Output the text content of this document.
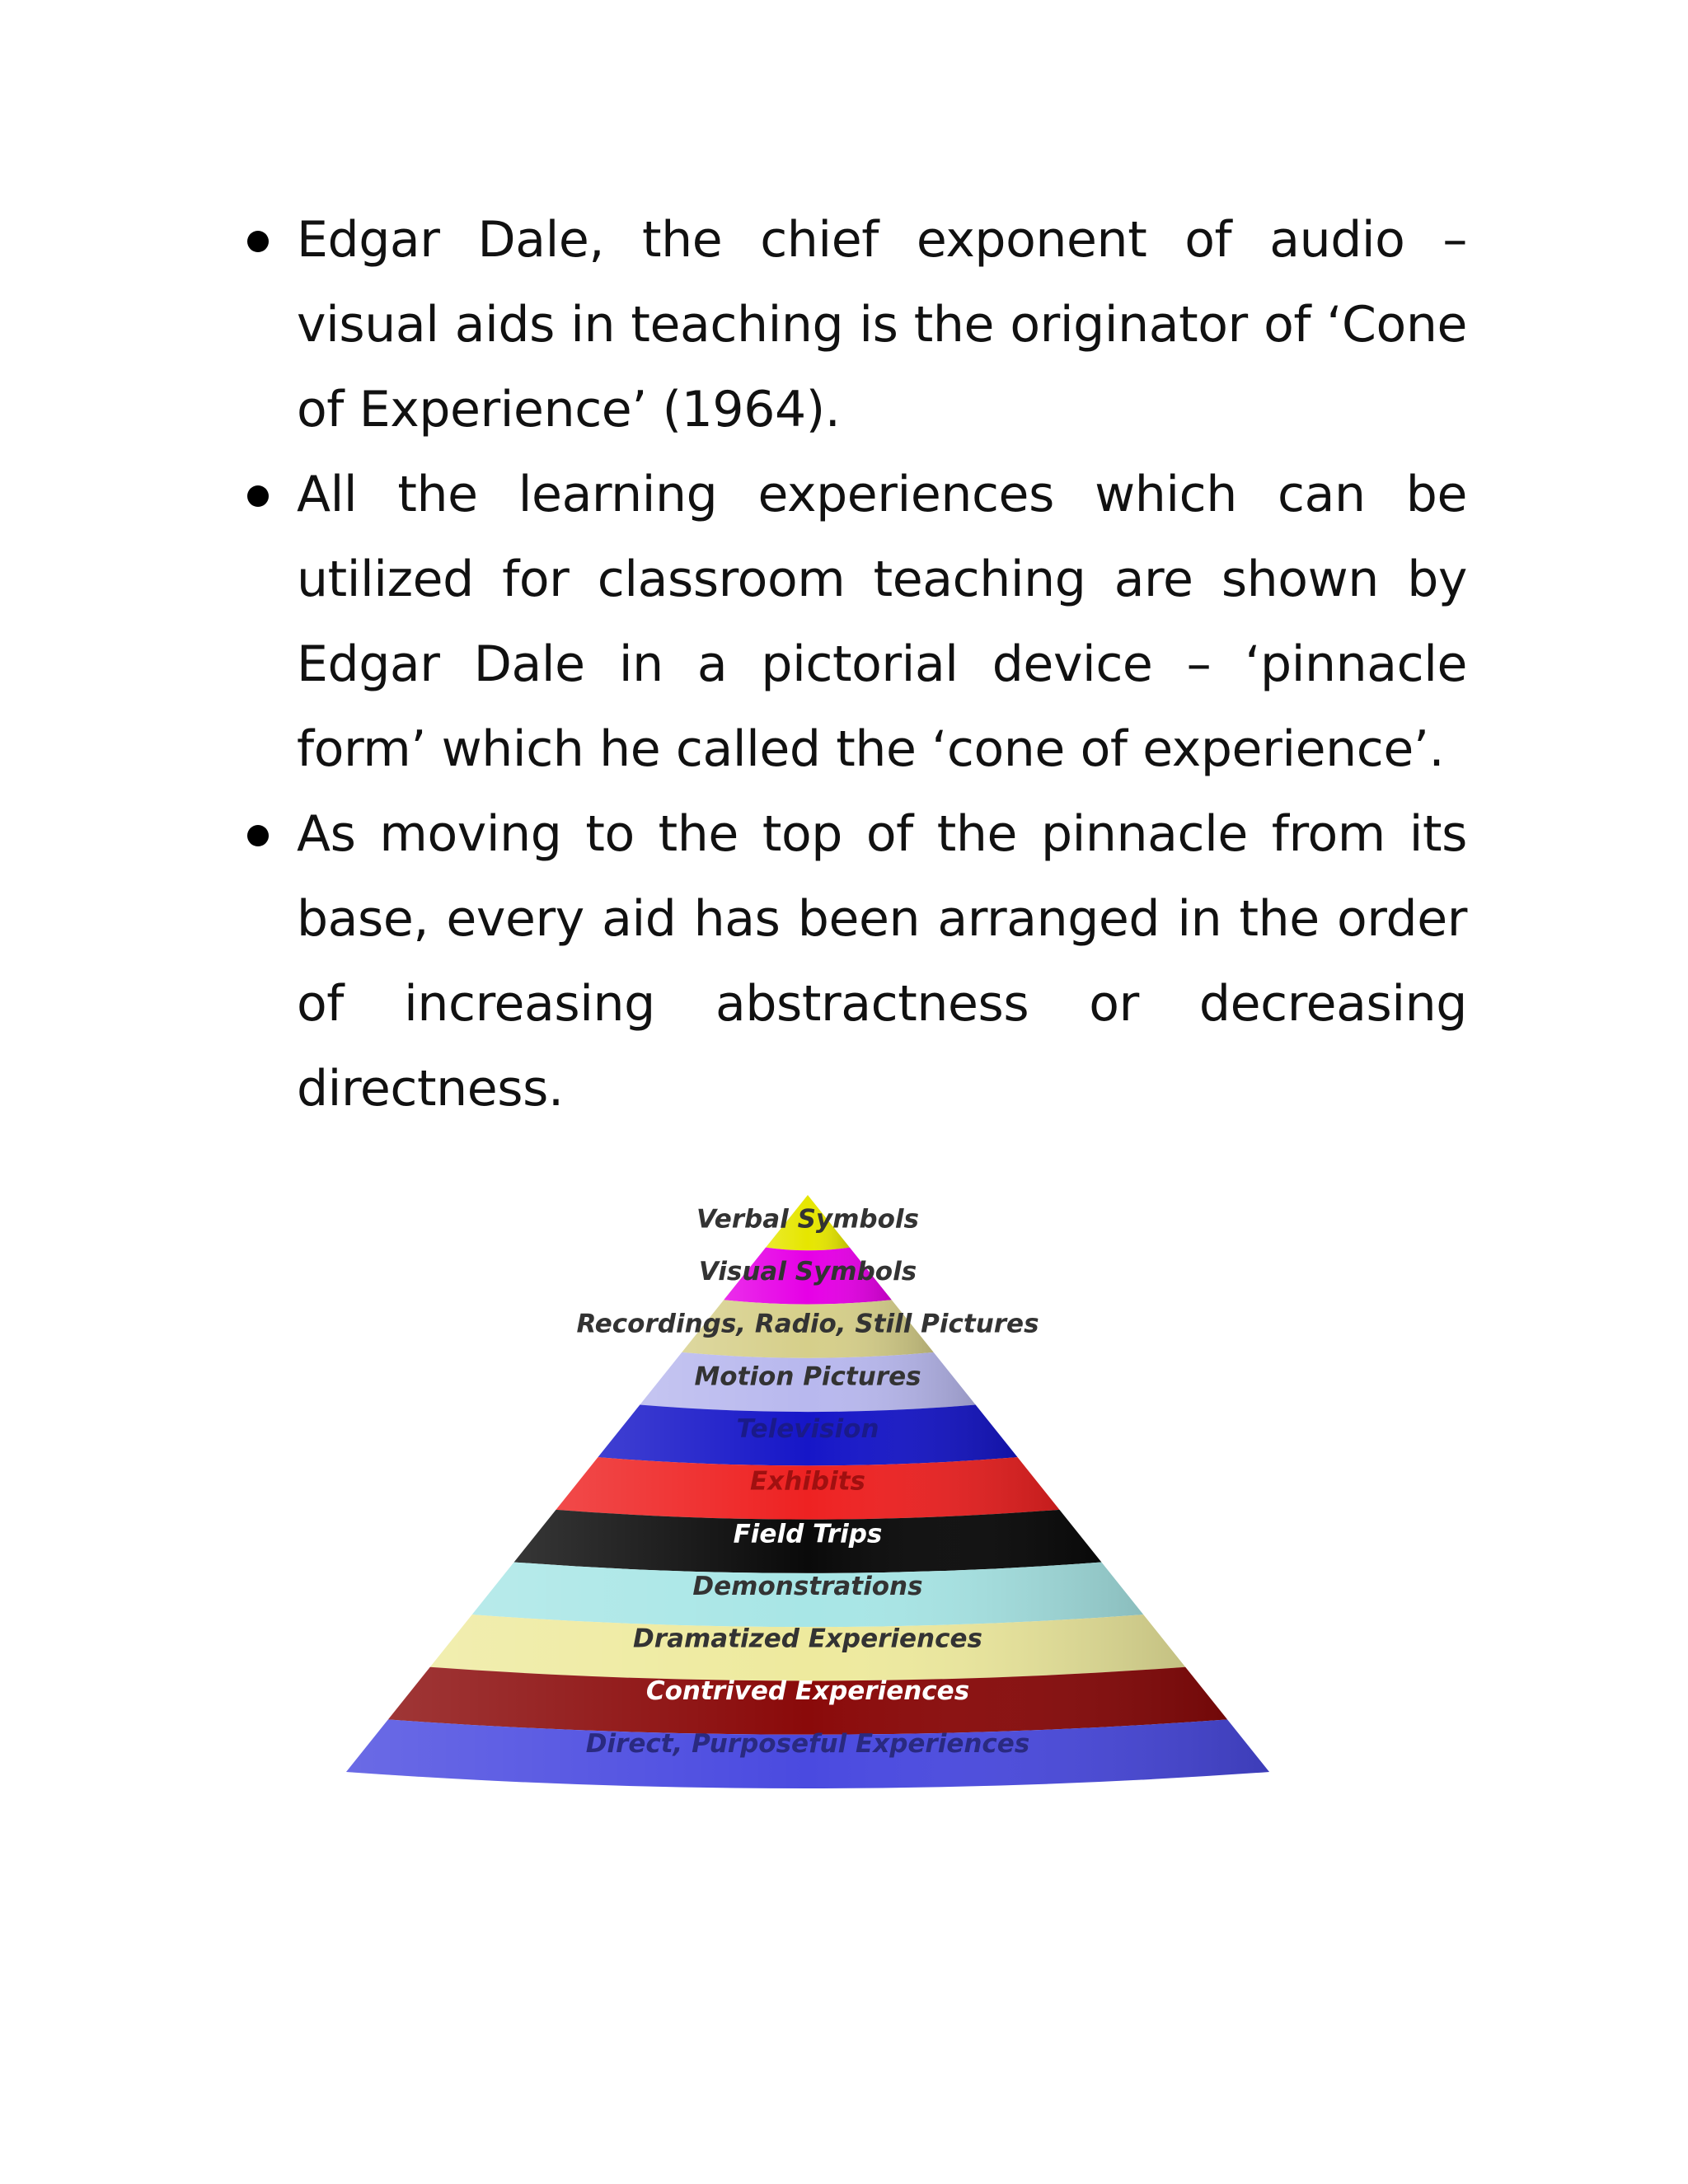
Edgar Dale, the chief exponent of audio – visual aids in teaching is the originator of ‘Cone of Experience’ (1964).
All the learning experiences which can be utilized for classroom teaching are shown by Edgar Dale in a pictorial device – ‘pinnacle form’ which he called the ‘cone of experience’.
As moving to the top of the pinnacle from its base, every aid has been arranged in the order of increasing abstractness or decreasing directness.
Verbal Symbols
Visual Symbols
Recordings, Radio, Still Pictures
Motion Pictures
Television
Exhibits
Field Trips
Demonstrations
Dramatized Experiences
Contrived Experiences
Direct, Purposeful Experiences
